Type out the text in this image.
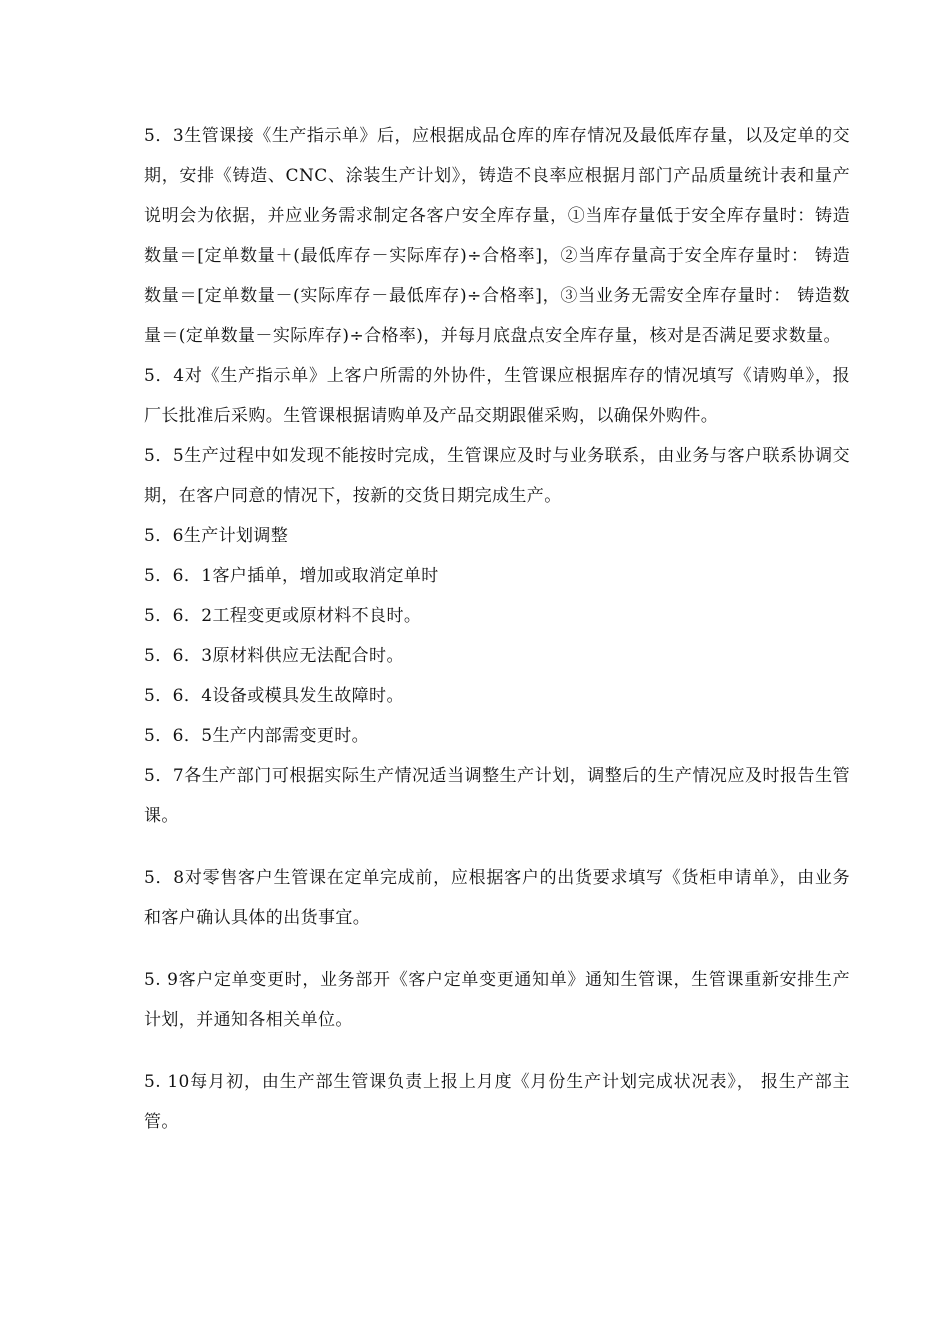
5．3生管课接《生产指示单》后，应根据成品仓库的库存情况及最低库存量，以及定单的交期，安排《铸造、CNC、涂装生产计划》，铸造不良率应根据月部门产品质量统计表和量产说明会为依据，并应业务需求制定各客户安全库存量，①当库存量低于安全库存量时：铸造数量＝[定单数量＋(最低库存－实际库存)÷合格率]，②当库存量高于安全库存量时： 铸造数量＝[定单数量－(实际库存－最低库存)÷合格率]，③当业务无需安全库存量时： 铸造数量＝(定单数量－实际库存)÷合格率)，并每月底盘点安全库存量，核对是否满足要求数量。

5．4对《生产指示单》上客户所需的外协件，生管课应根据库存的情况填写《请购单》，报厂长批准后采购。生管课根据请购单及产品交期跟催采购，以确保外购件。

5．5生产过程中如发现不能按时完成，生管课应及时与业务联系，由业务与客户联系协调交期，在客户同意的情况下，按新的交货日期完成生产。

5．6生产计划调整

5．6．1客户插单，增加或取消定单时

5．6．2工程变更或原材料不良时。

5．6．3原材料供应无法配合时。

5．6．4设备或模具发生故障时。

5．6．5生产内部需变更时。

5．7各生产部门可根据实际生产情况适当调整生产计划，调整后的生产情况应及时报告生管课。

5．8对零售客户生管课在定单完成前，应根据客户的出货要求填写《货柜申请单》，由业务和客户确认具体的出货事宜。

5. 9客户定单变更时，业务部开《客户定单变更通知单》通知生管课，生管课重新安排生产计划，并通知各相关单位。

5. 10每月初，由生产部生管课负责上报上月度《月份生产计划完成状况表》， 报生产部主管。
